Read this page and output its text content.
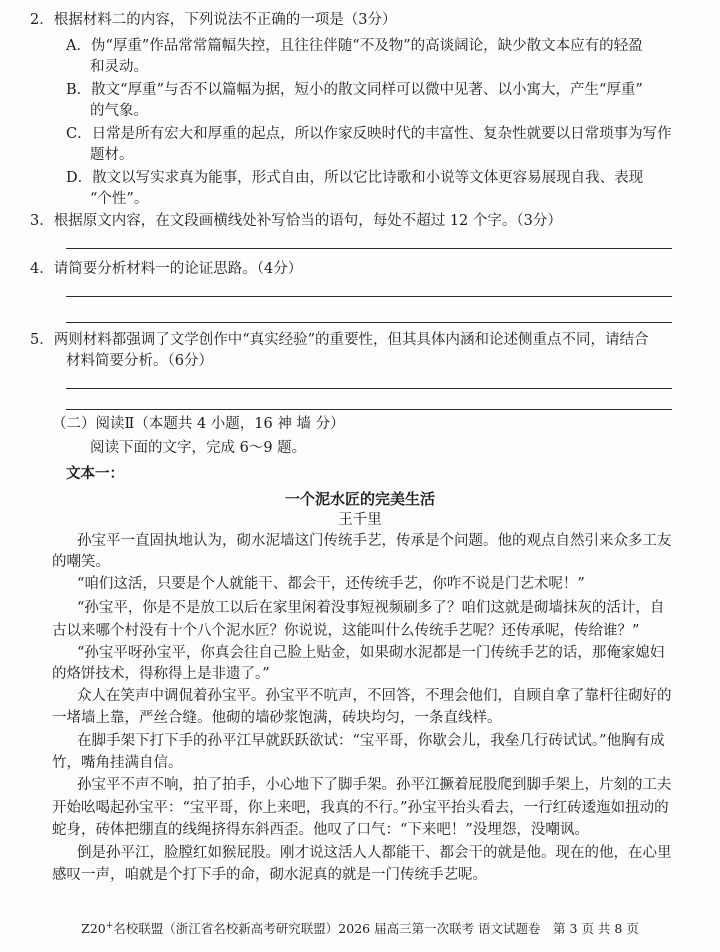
2．根据材料二的内容，下列说法不正确的一项是（3分）
A．伪“厚重”作品常常篇幅失控，且往往伴随“不及物”的高谈阔论，缺少散文本应有的轻盈
和灵动。
B．散文“厚重”与否不以篇幅为据，短小的散文同样可以微中见著、以小寓大，产生“厚重”
的气象。
C．日常是所有宏大和厚重的起点，所以作家反映时代的丰富性、复杂性就要以日常琐事为写作
题材。
D．散文以写实求真为能事，形式自由，所以它比诗歌和小说等文体更容易展现自我、表现
“个性”。
3．根据原文内容，在文段画横线处补写恰当的语句，每处不超过 12 个字。（3分）
4．请简要分析材料一的论证思路。（4分）
5．两则材料都强调了文学创作中“真实经验”的重要性，但其具体内涵和论述侧重点不同，请结合
材料简要分析。（6分）
（二）阅读Ⅱ（本题共 4 小题，16 神 墙 分）
阅读下面的文字，完成 6～9 题。
文本一：
一个泥水匠的完美生活
王千里
孙宝平一直固执地认为，砌水泥墙这门传统手艺，传承是个问题。他的观点自然引来众多工友
的嘲笑。
“咱们这活，只要是个人就能干、都会干，还传统手艺，你咋不说是门艺术呢！”
“孙宝平，你是不是放工以后在家里闲着没事短视频刷多了？咱们这就是砌墙抹灰的活计，自
古以来哪个村没有十个八个泥水匠？你说说，这能叫什么传统手艺呢？还传承呢，传给谁？”
“孙宝平呀孙宝平，你真会往自己脸上贴金，如果砌水泥都是一门传统手艺的话，那俺家媳妇
的烙饼技术，得称得上是非遗了。”
众人在笑声中调侃着孙宝平。孙宝平不吭声，不回答，不理会他们，自顾自拿了靠杆往砌好的
一堵墙上靠，严丝合缝。他砌的墙砂浆饱满，砖块均匀，一条直线样。
在脚手架下打下手的孙平江早就跃跃欲试：“宝平哥，你歇会儿，我垒几行砖试试。”他胸有成
竹，嘴角挂满自信。
孙宝平不声不响，拍了拍手，小心地下了脚手架。孙平江撅着屁股爬到脚手架上，片刻的工夫
开始吆喝起孙宝平：“宝平哥，你上来吧，我真的不行。”孙宝平抬头看去，一行红砖逶迤如扭动的
蛇身，砖体把绷直的线绳挤得东斜西歪。他叹了口气：“下来吧！”没埋怨，没嘲讽。
倒是孙平江，脸膛红如猴屁股。刚才说这活人人都能干、都会干的就是他。现在的他，在心里
感叹一声，咱就是个打下手的命，砌水泥真的就是一门传统手艺呢。
Z20+名校联盟（浙江省名校新高考研究联盟）2026 届高三第一次联考 语文试题卷　第 3 页 共 8 页
